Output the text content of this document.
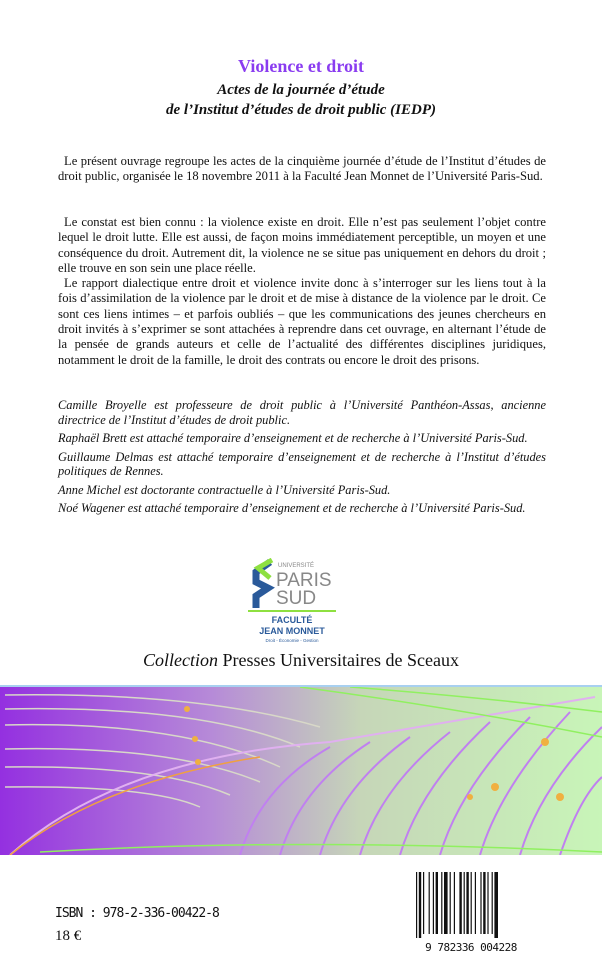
Violence et droit
Actes de la journée d’étude
de l’Institut d’études de droit public (IEDP)

Le présent ouvrage regroupe les actes de la cinquième journée d’étude de l’Institut d’études de droit public, organisée le 18 novembre 2011 à la Faculté Jean Monnet de l’Université Paris-Sud.

Le constat est bien connu : la violence existe en droit. Elle n’est pas seulement l’objet contre lequel le droit lutte. Elle est aussi, de façon moins immédiatement perceptible, un moyen et une conséquence du droit. Autrement dit, la violence ne se situe pas uniquement en dehors du droit ; elle trouve en son sein une place réelle.

Le rapport dialectique entre droit et violence invite donc à s’interroger sur les liens tout à la fois d’assimilation de la violence par le droit et de mise à distance de la violence par le droit. Ce sont ces liens intimes – et parfois oubliés – que les communications des jeunes chercheurs en droit invités à s’exprimer se sont attachées à reprendre dans cet ouvrage, en alternant l’étude de la pensée de grands auteurs et celle de l’actualité des différentes disciplines juridiques, notamment le droit de la famille, le droit des contrats ou encore le droit des prisons.

Camille Broyelle est professeure de droit public à l’Université Panthéon-Assas, ancienne directrice de l’Institut d’études de droit public.

Raphaël Brett est attaché temporaire d’enseignement et de recherche à l’Université Paris-Sud.

Guillaume Delmas est attaché temporaire d’enseignement et de recherche à l’Institut d’études politiques de Rennes.

Anne Michel est doctorante contractuelle à l’Université Paris-Sud.

Noé Wagener est attaché temporaire d’enseignement et de recherche à l’Université Paris-Sud.

UNIVERSITÉ
PARIS
SUD
FACULTÉ
JEAN MONNET
Droit - Économie - Gestion
Collection Presses Universitaires de Sceaux
ISBN : 978-2-336-00422-8
18 €
9 782336 004228
